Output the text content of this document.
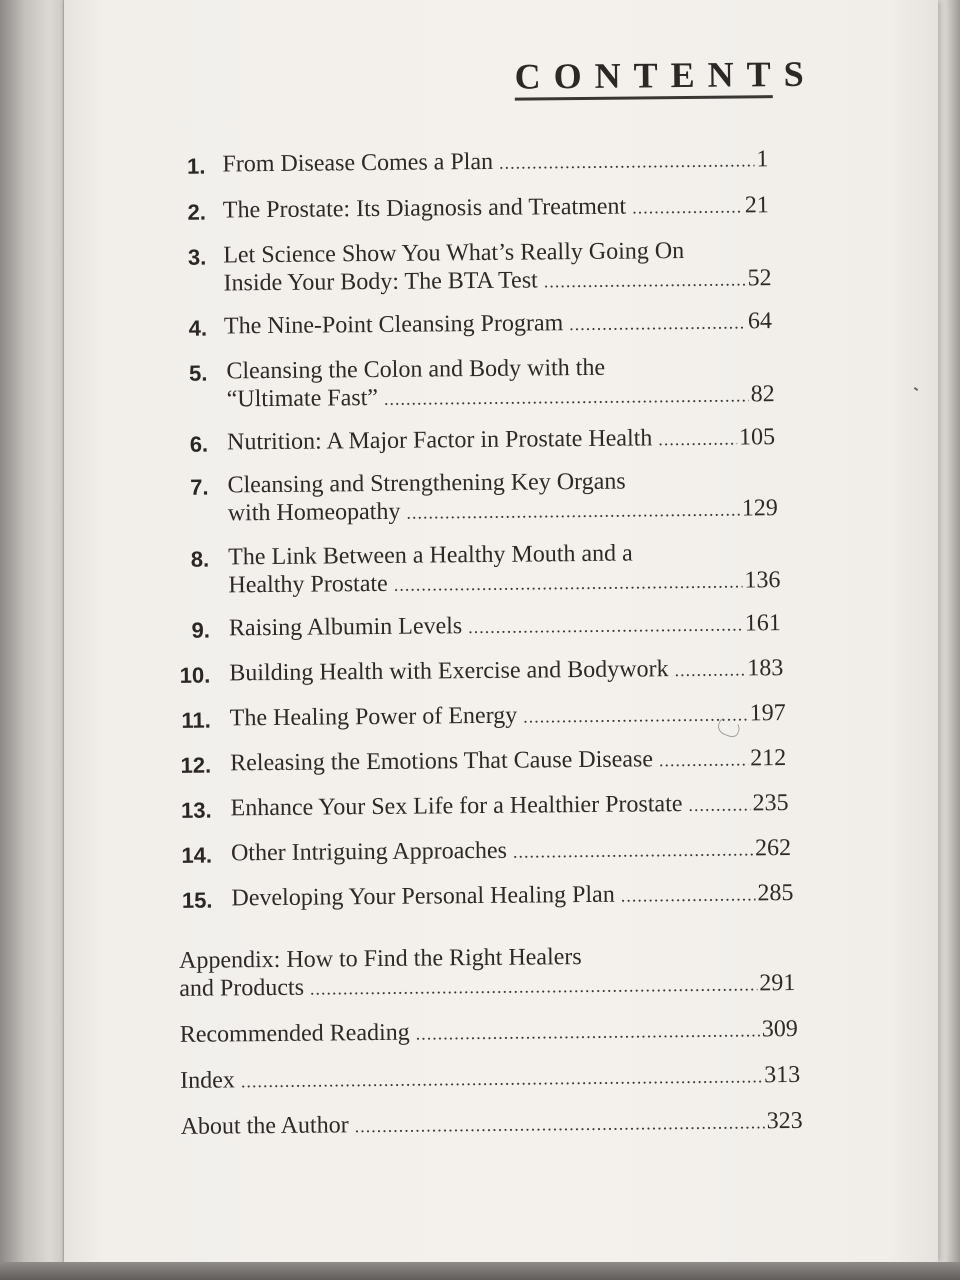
CONTENTS
1. From Disease Comes a Plan .....	1
2. The Prostate: Its Diagnosis and Treatment .....	21
3. Let Science Show You What’s Really Going On
Inside Your Body: The BTA Test .....	52
4. The Nine-Point Cleansing Program .....	64
5. Cleansing the Colon and Body with the
“Ultimate Fast” .....	82
6. Nutrition: A Major Factor in Prostate Health .....	105
7. Cleansing and Strengthening Key Organs
with Homeopathy .....	129
8. The Link Between a Healthy Mouth and a
Healthy Prostate .....	136
9. Raising Albumin Levels .....	161
10. Building Health with Exercise and Bodywork .....	183
11. The Healing Power of Energy .....	197
12. Releasing the Emotions That Cause Disease .....	212
13. Enhance Your Sex Life for a Healthier Prostate .....	235
14. Other Intriguing Approaches .....	262
15. Developing Your Personal Healing Plan .....	285
Appendix: How to Find the Right Healers
and Products .....	291
Recommended Reading .....	309
Index .....	313
About the Author .....	323
